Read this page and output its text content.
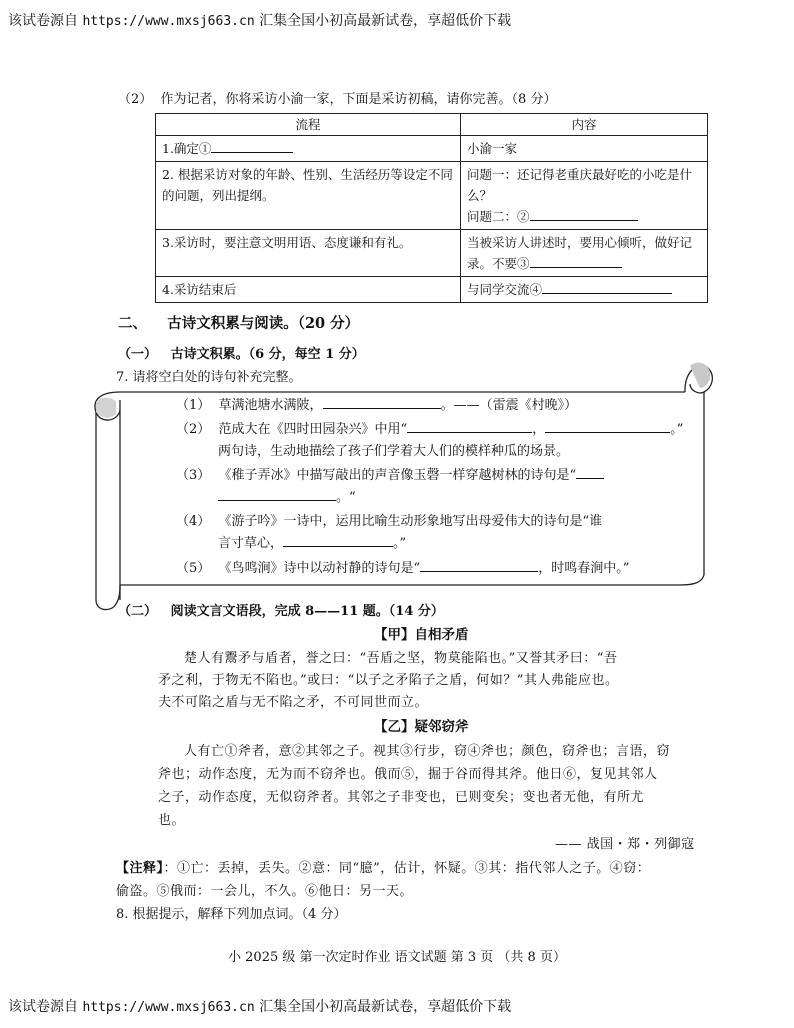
该试卷源自 https://www.mxsj663.cn 汇集全国小初高最新试卷，享超低价下载
（2） 作为记者，你将采访小渝一家，下面是采访初稿，请你完善。（8 分）
流程	内容
1.确定①	小渝一家
2. 根据采访对象的年龄、性别、生活经历等设定不同的问题，列出提纲。	问题一：还记得老重庆最好吃的小吃是什么？
问题二：②

3.采访时，要注意文明用语、态度谦和有礼。	当被采访人讲述时，要用心倾听，做好记录。不要③
4.采访结束后	与同学交流④
二、 古诗文积累与阅读。（20 分）
（一） 古诗文积累。（6 分，每空 1 分）
7. 请将空白处的诗句补充完整。
（1） 草满池塘水满陂，	。——（雷震《村晚》）
（2） 范成大在《四时田园杂兴》中用“	，	。”
两句诗，生动地描绘了孩子们学着大人们的模样种瓜的场景。
（3） 《稚子弄冰》中描写敲出的声音像玉磬一样穿越树林的诗句是“
。“
（4） 《游子吟》一诗中，运用比喻生动形象地写出母爱伟大的诗句是“谁
言寸草心，	。”
（5） 《鸟鸣涧》诗中以动衬静的诗句是“	，时鸣春涧中。”
（二） 阅读文言文语段，完成 8——11 题。（14 分）
【甲】自相矛盾
楚人有鬻矛与盾者，誉之曰：“吾盾之坚，物莫能陷也。”又誉其矛曰：“吾
矛之利，于物无不陷也。”或曰：“以子之矛陷子之盾，何如？”其人弗能应也。
夫不可陷之盾与无不陷之矛，不可同世而立。
【乙】疑邻窃斧
人有亡①斧者，意②其邻之子。视其③行步，窃④斧也；颜色，窃斧也；言语，窃
斧也；动作态度，无为而不窃斧也。俄而⑤，掘于谷而得其斧。他日⑥，复见其邻人
之子，动作态度，无似窃斧者。其邻之子非变也，已则变矣；变也者无他，有所尤
也。
—— 战国・郑・列御寇
【注释】：①亡：丢掉，丢失。②意：同“臆”，估计，怀疑。③其：指代邻人之子。④窃：
偷盗。⑤俄而：一会儿，不久。⑥他日：另一天。
8. 根据提示，解释下列加点词。（4 分）
小 2025 级 第一次定时作业 语文试题 第 3 页 （共 8 页）
该试卷源自 https://www.mxsj663.cn 汇集全国小初高最新试卷，享超低价下载
